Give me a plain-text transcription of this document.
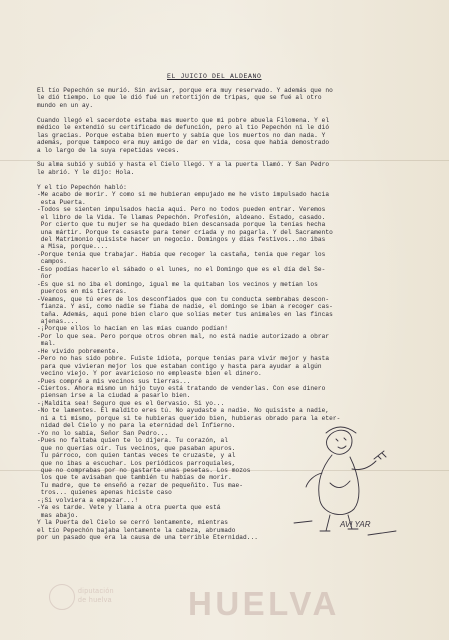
EL JUICIO DEL ALDEANO

El tío Pepechón se murió. Sin avisar, porque era muy reservado. Y además que no

le dió tiempo. Lo que le dió fué un retortijón de tripas, que se fué al otro

mundo en un ay.

Cuando llegó el sacerdote estaba mas muerto que mi pobre abuela Filomena. Y el

médico le extendió su certificado de defunción, pero al tío Pepechón ni le dió

las gracias. Porque estaba bien muerto y sabía que los muertos no dan nada. Y

además, porque tampoco era muy amigo de dar en vida, cosa que había demostrado

a lo largo de la suya repetidas veces.

Su alma subió y subió y hasta el Cielo llegó. Y a la puerta llamó. Y San Pedro

le abrió. Y le dijo: Hola.

Y el tío Pepechón habló:

-Me acabo de morir. Y como si me hubieran empujado me he visto impulsado hacia

esta Puerta.

-Todos se sienten impulsados hacia aquí. Pero no todos pueden entrar. Veremos

el libro de la Vida. Te llamas Pepechón. Profesión, aldeano. Estado, casado.

Por cierto que tu mujer se ha quedado bien descansada porque la tenías hecha

una mártir. Porque te casaste para tener criada y no pagarla. Y del Sacramento

del Matrimonio quisiste hacer un negocio. Domingos y días festivos...no ibas

a Misa, porque....

-Porque tenía que trabajar. Había que recoger la castaña, tenía que regar los

campos.

-Eso podías hacerlo el sábado o el lunes, no el Domingo que es el día del Se-

ñor

-Es que si no iba el domingo, igual me la quitaban los vecinos y metían los

puercos en mis tierras.

-Veamos, que tú eres de los desconfiados que con tu conducta sembrabas descon-

fianza. Y así, como nadie se fiaba de nadie, el domingo se iban a recoger cas-

taña. Además, aquí pone bien claro que solías meter tus animales en las fincas

ajenas....

-¡Porque ellos lo hacían en las mías cuando podían!

-Por lo que sea. Pero porque otros obren mal, no está nadie autorizado a obrar

mal.

-He vivido pobremente.

-Pero no has sido pobre. Fuiste idiota, porque tenías para vivir mejor y hasta

para que vivieran mejor los que estaban contigo y hasta para ayudar a algún

vecino viejo. Y por avaricioso no empleaste bien el dinero.

-Pues compré a mis vecinos sus tierras...

-Ciertos. Ahora mismo un hijo tuyo está tratando de venderlas. Con ese dinero

piensan irse a la ciudad a pasarlo bien.

-¡Maldita sea! Seguro que es el Gervasio. Si yo...

-No te lamentes. El maldito eres tú. No ayudaste a nadie. No quisiste a nadie,

ni a ti mismo, porque si te hubieras querido bien, hubieras obrado para la eter-

nidad del Cielo y no para la eternidad del Infierno.

-Yo no lo sabía, Señor San Pedro...

-Pues no faltaba quien te lo dijera. Tu corazón, al

que no querías oír. Tus vecinos, que pasaban apuros.

Tu párroco, con quien tantas veces te cruzaste, y al

que no ibas a escuchar. Los periódicos parroquiales,

que no comprabas por no gastarte unas pesetas. Los mozos

los que te avisaban que también tu habías de morir.

Tu madre, que te enseñó a rezar de pequeñito. Tus mae-

tros... quienes apenas hiciste caso

-¡Si volviera a empezar...!

-Ya es tarde. Vete y llama a otra puerta que está

mas abajo.

Y la Puerta del Cielo se cerró lentamente, mientras

el tío Pepechón bajaba lentamente la cabeza, abrumado

por un pasado que era la causa de una terrible Eternidad...

AVI YAR
diputación
de huelva HUELVA
